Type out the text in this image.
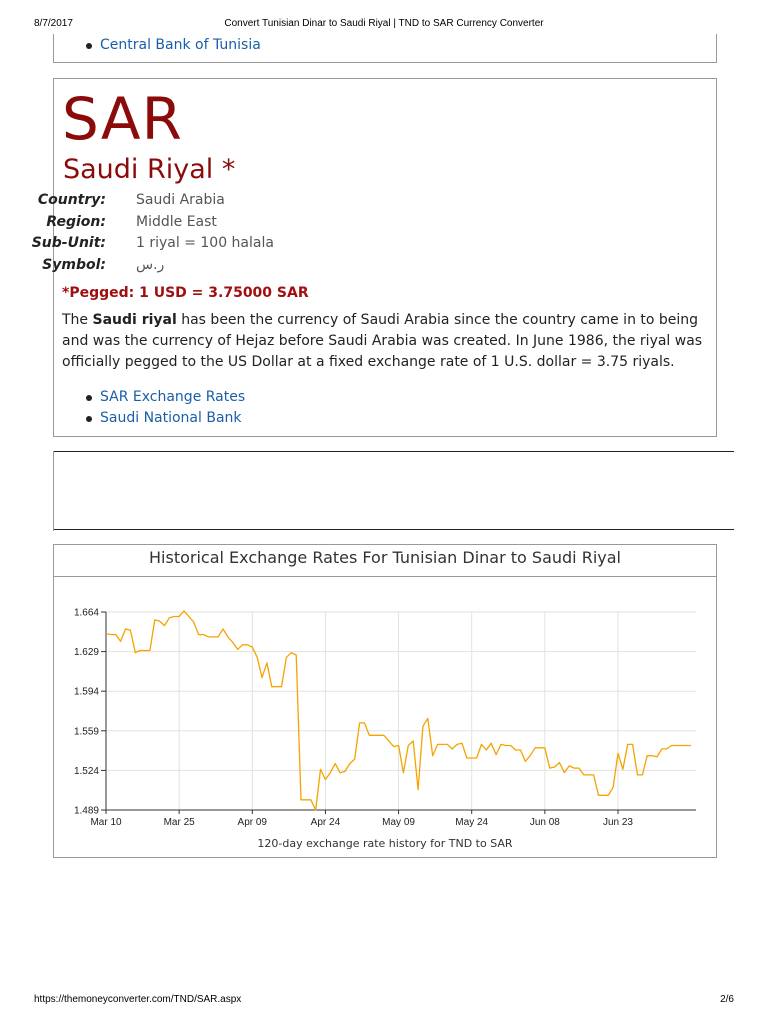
8/7/2017	Convert Tunisian Dinar to Saudi Riyal | TND to SAR Currency Converter
Central Bank of Tunisia
SAR
Saudi Riyal *
Country: Saudi Arabia
Region: Middle East
Sub-Unit: 1 riyal = 100 halala
Symbol: ر.س
*Pegged: 1 USD = 3.75000 SAR

The Saudi riyal has been the currency of Saudi Arabia since the country came in to being and was the currency of Hejaz before Saudi Arabia was created. In June 1986, the riyal was officially pegged to the US Dollar at a fixed exchange rate of 1 U.S. dollar = 3.75 riyals.

SAR Exchange Rates
Saudi National Bank
Historical Exchange Rates For Tunisian Dinar to Saudi Riyal
1.489
1.524
1.559
1.594
1.629
1.664
Mar 10	Mar 25	Apr 09	Apr 24	May 09	May 24	Jun 08	Jun 23
120-day exchange rate history for TND to SAR
https://themoneyconverter.com/TND/SAR.aspx	2/6
